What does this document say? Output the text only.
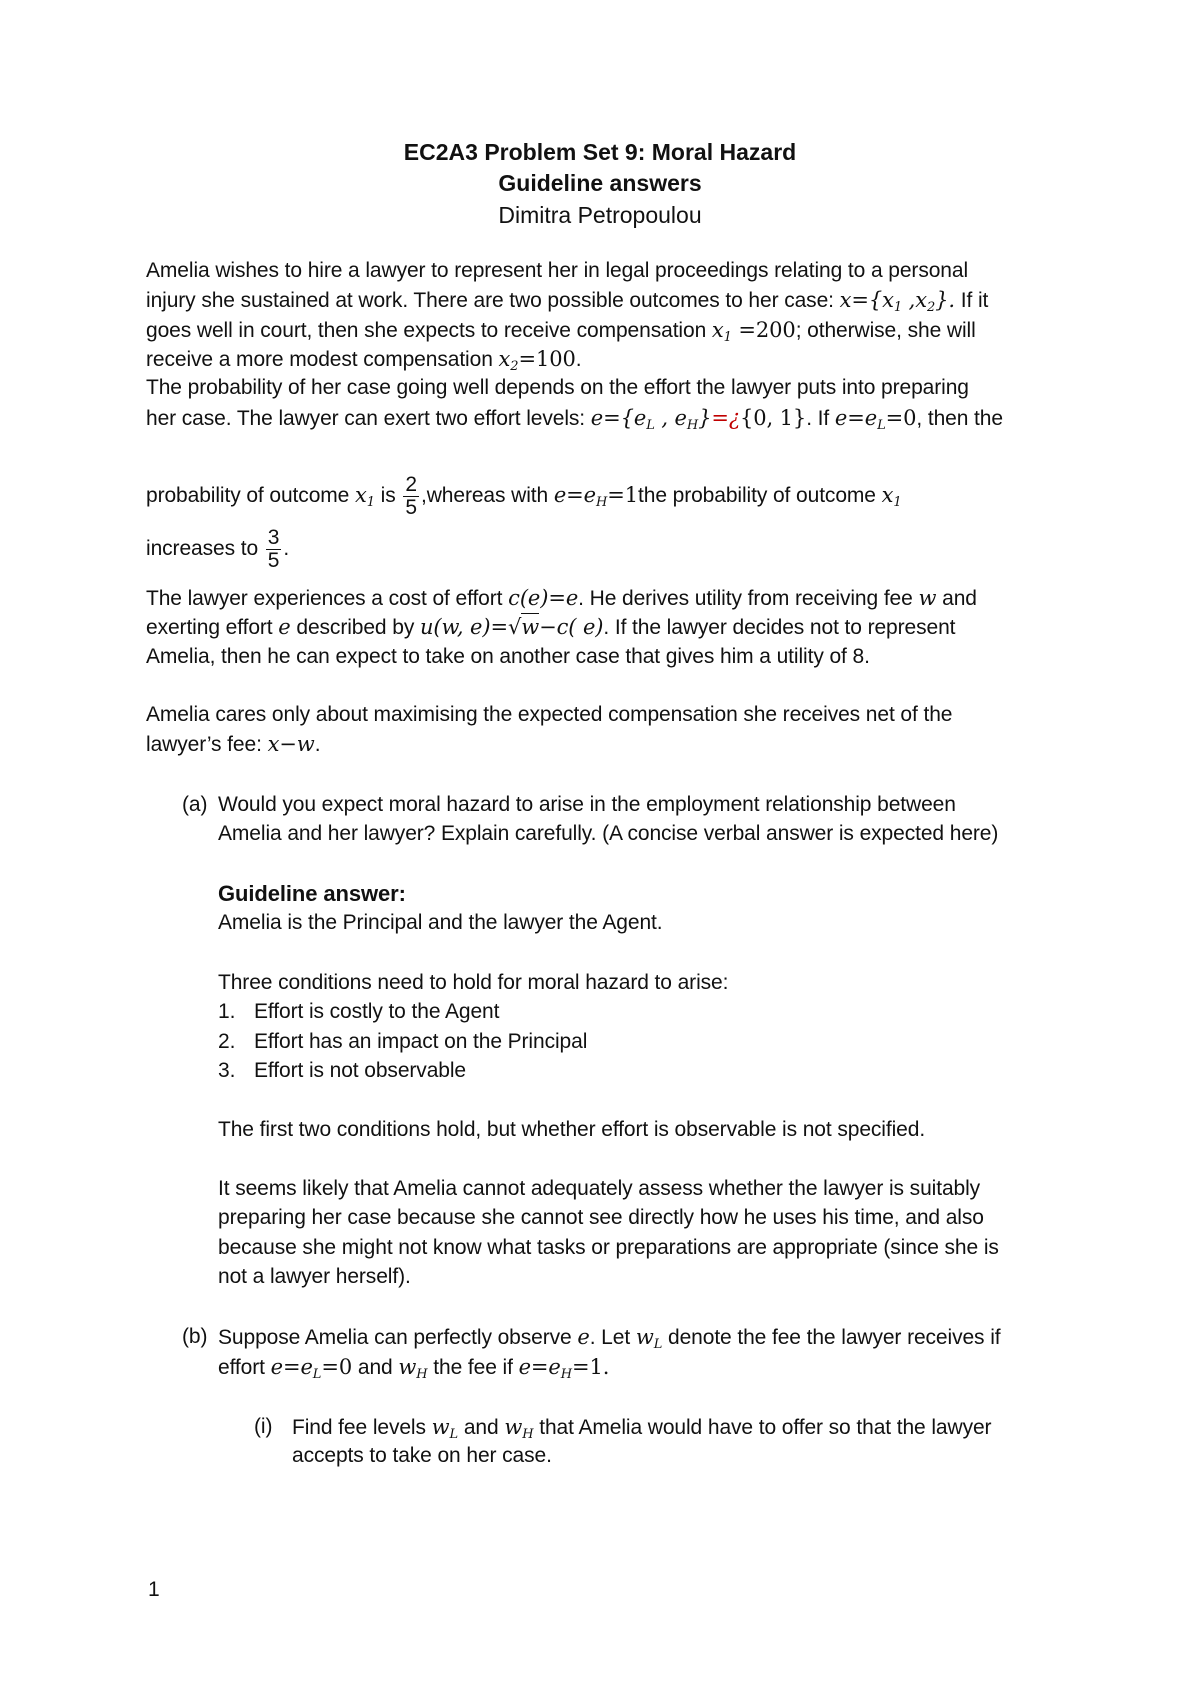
EC2A3 Problem Set 9: Moral Hazard
Guideline answers
Dimitra Petropoulou
Amelia wishes to hire a lawyer to represent her in legal proceedings relating to a personal
injury she sustained at work. There are two possible outcomes to her case: $x=\{x_1$ $,x_2$}. If it
goes well in court, then she expects to receive compensation $x_1 =200$; otherwise, she will
receive a more modest compensation $x_2=100$.
The probability of her case going well depends on the effort the lawyer puts into preparing
her case. The lawyer can exert two effort levels: $e=\{e_L$ , $e_H\}=¿\{0$, 1}. If $e=e_L=0$, then the
probability of outcome $x_1$ is $\frac{2}{5}$ ,whereas with $e=e_H=1the$ probability of outcome $x_1$
increases to $\frac{3}{5}$ .
The lawyer experiences a cost of effort c(e)=e. He derives utility from receiving fee w and
exerting effort e described by u(w, e)=√w−c( e). If the lawyer decides not to represent
Amelia, then he can expect to take on another case that gives him a utility of 8.
Amelia cares only about maximising the expected compensation she receives net of the
lawyer’s fee: x−w.
(a) Would you expect moral hazard to arise in the employment relationship between
Amelia and her lawyer? Explain carefully. (A concise verbal answer is expected here)
Guideline answer:
Amelia is the Principal and the lawyer the Agent.
Three conditions need to hold for moral hazard to arise:
1. Effort is costly to the Agent
2. Effort has an impact on the Principal
3. Effort is not observable
The first two conditions hold, but whether effort is observable is not specified.
It seems likely that Amelia cannot adequately assess whether the lawyer is suitably
preparing her case because she cannot see directly how he uses his time, and also
because she might not know what tasks or preparations are appropriate (since she is
not a lawyer herself).
(b) Suppose Amelia can perfectly observe e. Let $w_L$ denote the fee the lawyer receives if
effort $e=e_L=0$ and $w_H$ the fee if $e=e_H=1$.
(i) Find fee levels $w_L$ and $w_H$ that Amelia would have to offer so that the lawyer
accepts to take on her case.
1
